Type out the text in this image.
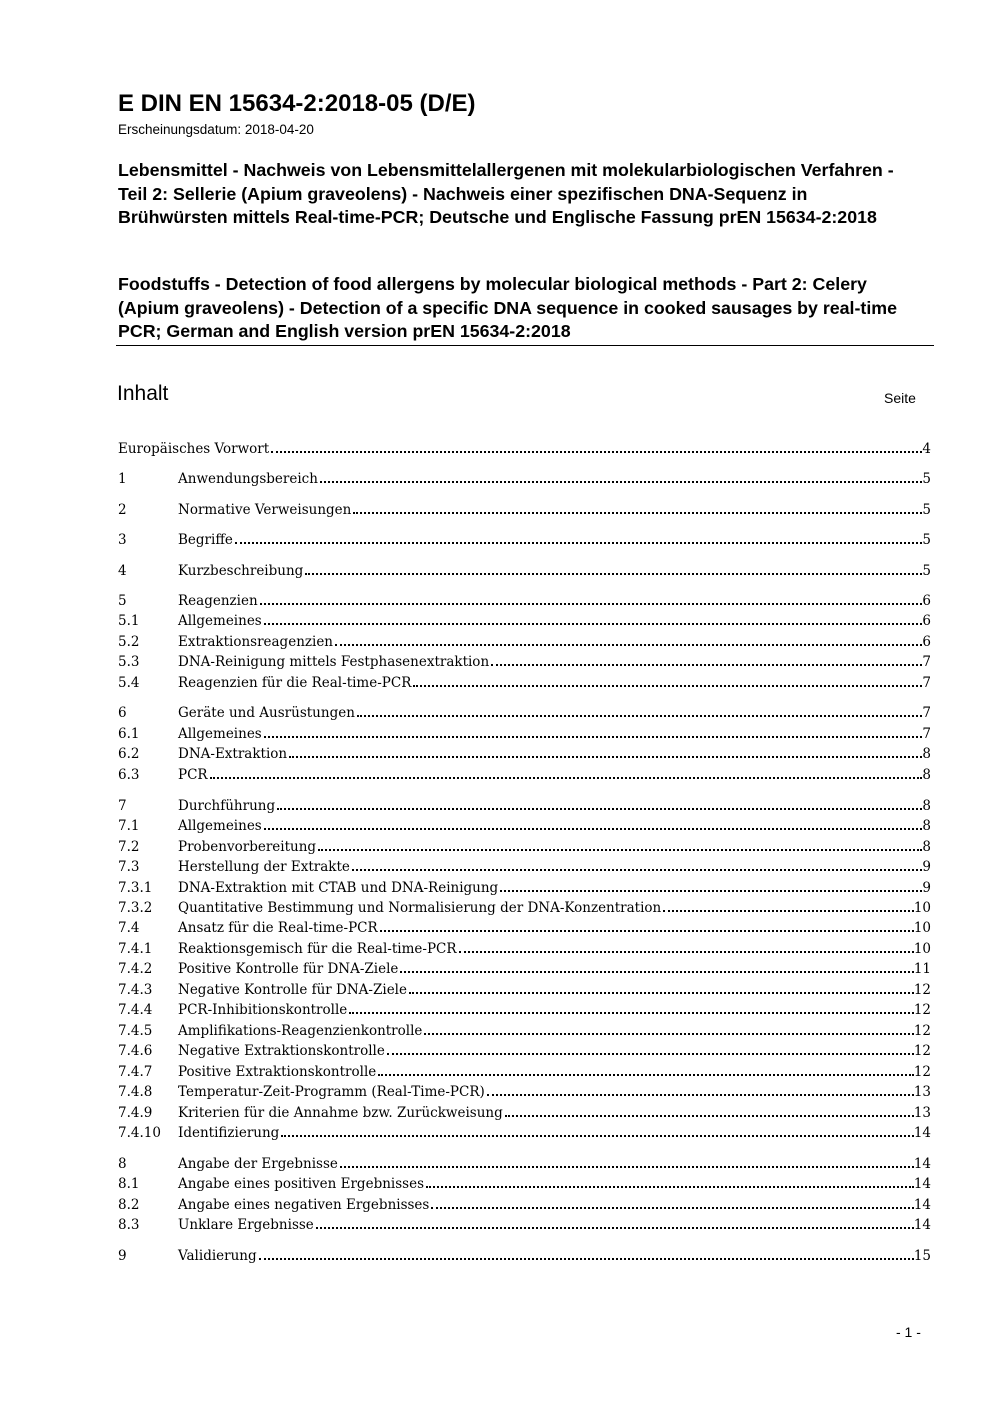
E DIN EN 15634-2:2018-05 (D/E)
Erscheinungsdatum: 2018-04-20
Lebensmittel - Nachweis von Lebensmittelallergenen mit molekularbiologischen Verfahren - Teil 2: Sellerie (Apium graveolens) - Nachweis einer spezifischen DNA-Sequenz in Brühwürsten mittels Real-time-PCR; Deutsche und Englische Fassung prEN 15634-2:2018
Foodstuffs - Detection of food allergens by molecular biological methods - Part 2: Celery (Apium graveolens) - Detection of a specific DNA sequence in cooked sausages by real-time PCR; German and English version prEN 15634-2:2018
Inhalt	Seite
Europäisches Vorwort	4
1	Anwendungsbereich	5
2	Normative Verweisungen	5
3	Begriffe	5
4	Kurzbeschreibung	5
5	Reagenzien	6
5.1	Allgemeines	6
5.2	Extraktionsreagenzien	6
5.3	DNA-Reinigung mittels Festphasenextraktion	7
5.4	Reagenzien für die Real-time-PCR	7
6	Geräte und Ausrüstungen	7
6.1	Allgemeines	7
6.2	DNA-Extraktion	8
6.3	PCR	8
7	Durchführung	8
7.1	Allgemeines	8
7.2	Probenvorbereitung	8
7.3	Herstellung der Extrakte	9
7.3.1	DNA-Extraktion mit CTAB und DNA-Reinigung	9
7.3.2	Quantitative Bestimmung und Normalisierung der DNA-Konzentration	10
7.4	Ansatz für die Real-time-PCR	10
7.4.1	Reaktionsgemisch für die Real-time-PCR	10
7.4.2	Positive Kontrolle für DNA-Ziele	11
7.4.3	Negative Kontrolle für DNA-Ziele	12
7.4.4	PCR-Inhibitionskontrolle	12
7.4.5	Amplifikations-Reagenzienkontrolle	12
7.4.6	Negative Extraktionskontrolle	12
7.4.7	Positive Extraktionskontrolle	12
7.4.8	Temperatur-Zeit-Programm (Real-Time-PCR)	13
7.4.9	Kriterien für die Annahme bzw. Zurückweisung	13
7.4.10	Identifizierung	14
8	Angabe der Ergebnisse	14
8.1	Angabe eines positiven Ergebnisses	14
8.2	Angabe eines negativen Ergebnisses	14
8.3	Unklare Ergebnisse	14
9	Validierung	15
- 1 -
